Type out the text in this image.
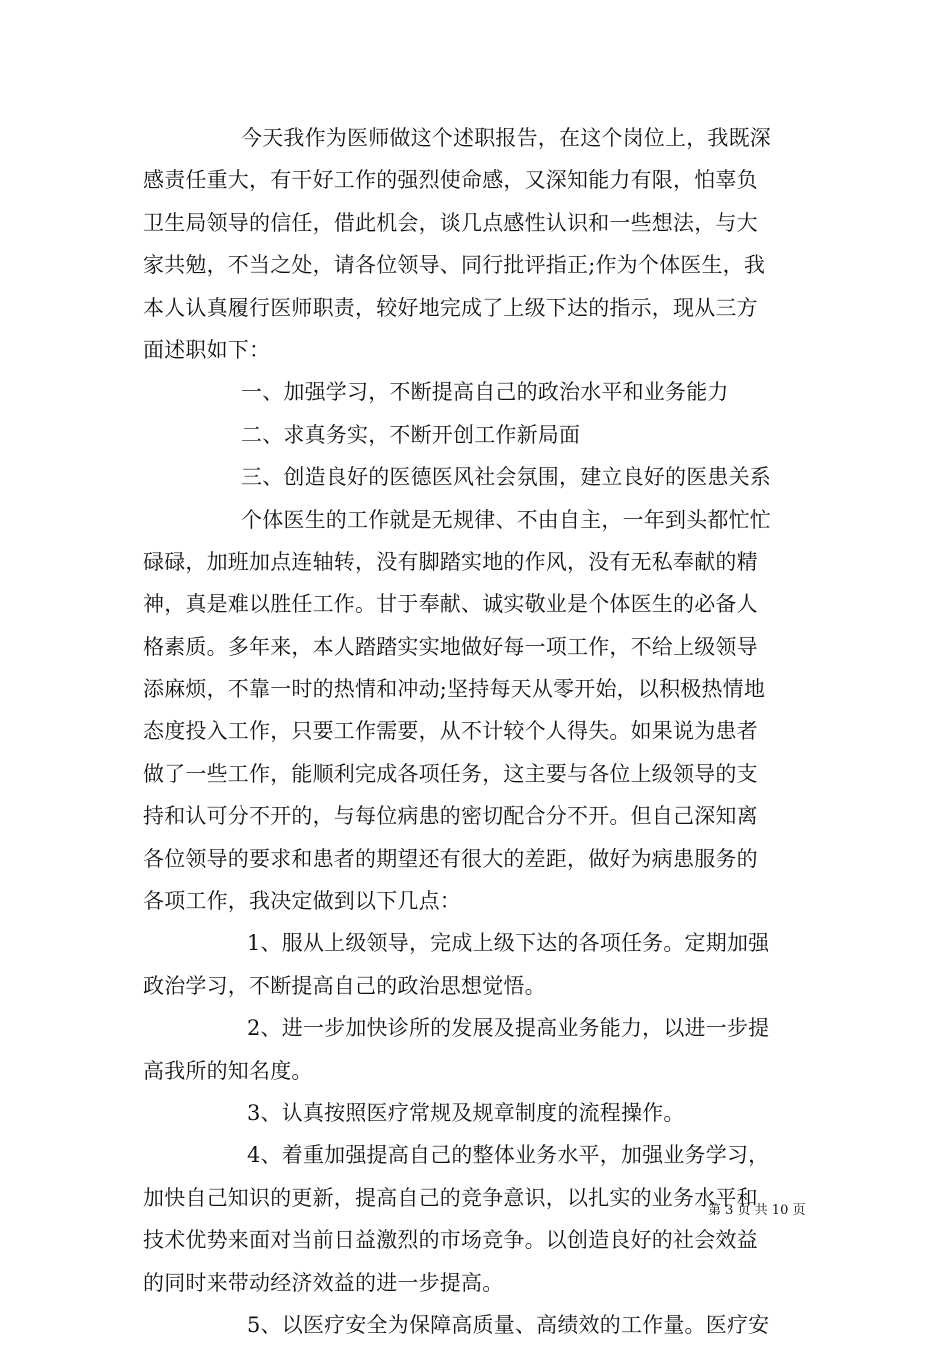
今天我作为医师做这个述职报告，在这个岗位上，我既深
感责任重大，有干好工作的强烈使命感，又深知能力有限，怕辜负
卫生局领导的信任，借此机会，谈几点感性认识和一些想法，与大
家共勉，不当之处，请各位领导、同行批评指正;作为个体医生，我
本人认真履行医师职责，较好地完成了上级下达的指示，现从三方
面述职如下：
一、加强学习，不断提高自己的政治水平和业务能力
二、求真务实，不断开创工作新局面
三、创造良好的医德医风社会氛围，建立良好的医患关系
个体医生的工作就是无规律、不由自主，一年到头都忙忙
碌碌，加班加点连轴转，没有脚踏实地的作风，没有无私奉献的精
神，真是难以胜任工作。甘于奉献、诚实敬业是个体医生的必备人
格素质。多年来，本人踏踏实实地做好每一项工作，不给上级领导
添麻烦，不靠一时的热情和冲动;坚持每天从零开始，以积极热情地
态度投入工作，只要工作需要，从不计较个人得失。如果说为患者
做了一些工作，能顺利完成各项任务，这主要与各位上级领导的支
持和认可分不开的，与每位病患的密切配合分不开。但自己深知离
各位领导的要求和患者的期望还有很大的差距，做好为病患服务的
各项工作，我决定做到以下几点：
1、服从上级领导，完成上级下达的各项任务。定期加强
政治学习，不断提高自己的政治思想觉悟。
2、进一步加快诊所的发展及提高业务能力，以进一步提
高我所的知名度。
3、认真按照医疗常规及规章制度的流程操作。
4、着重加强提高自己的整体业务水平，加强业务学习，
加快自己知识的更新，提高自己的竞争意识，以扎实的业务水平和
技术优势来面对当前日益激烈的市场竞争。以创造良好的社会效益
的同时来带动经济效益的进一步提高。
5、以医疗安全为保障高质量、高绩效的工作量。医疗安
第 3 页 共 10 页
